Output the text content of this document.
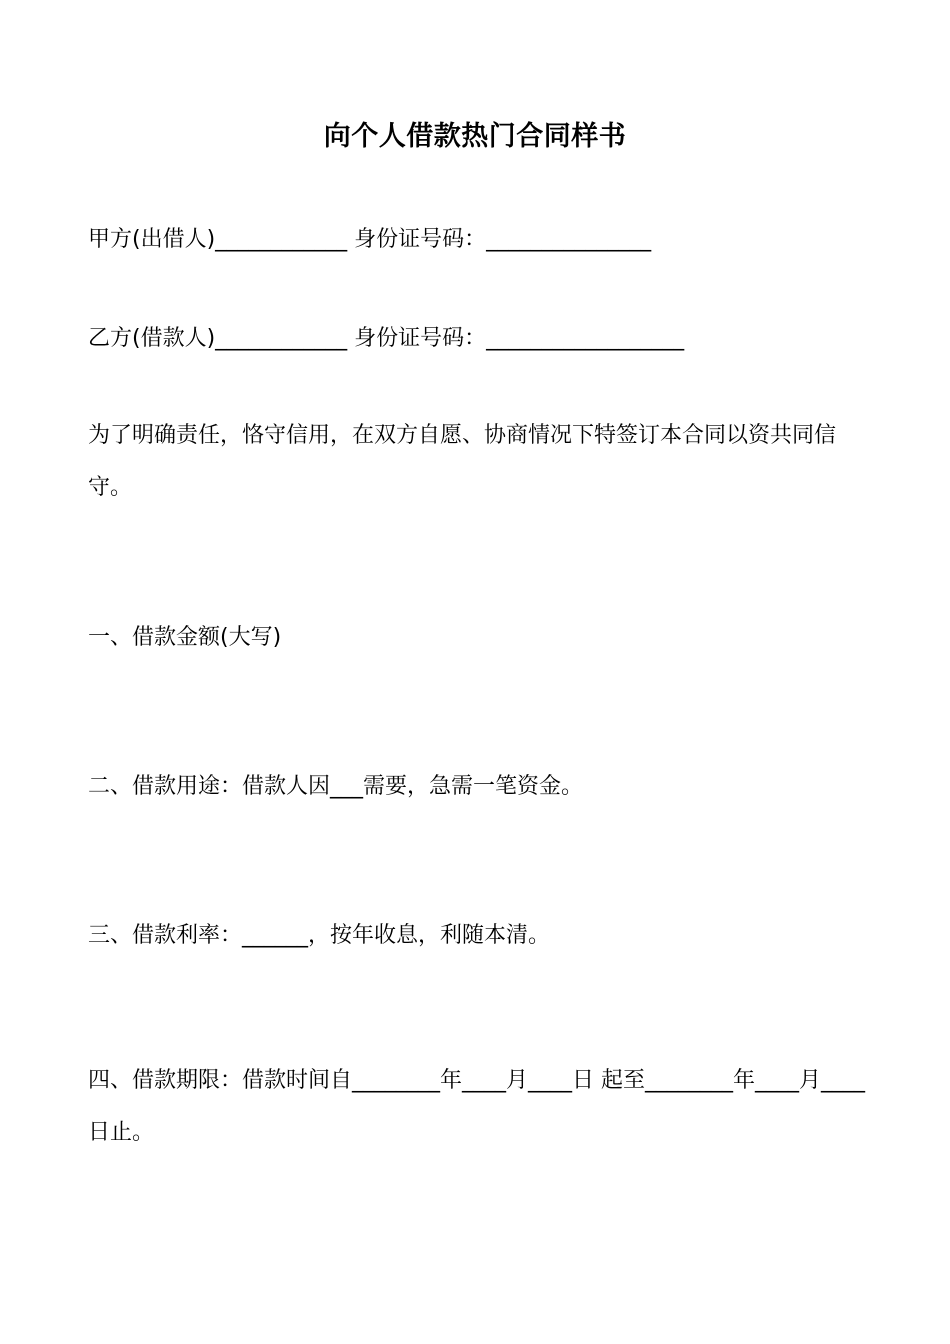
向个人借款热门合同样书
甲方(出借人)____________ 身份证号码：_______________
乙方(借款人)____________ 身份证号码：__________________
为了明确责任，恪守信用，在双方自愿、协商情况下特签订本合同以资共同信守。
一、借款金额(大写)
二、借款用途：借款人因___需要，急需一笔资金。
三、借款利率：______，按年收息，利随本清。
四、借款期限：借款时间自________年____月____日 起至________年____月____日止。
